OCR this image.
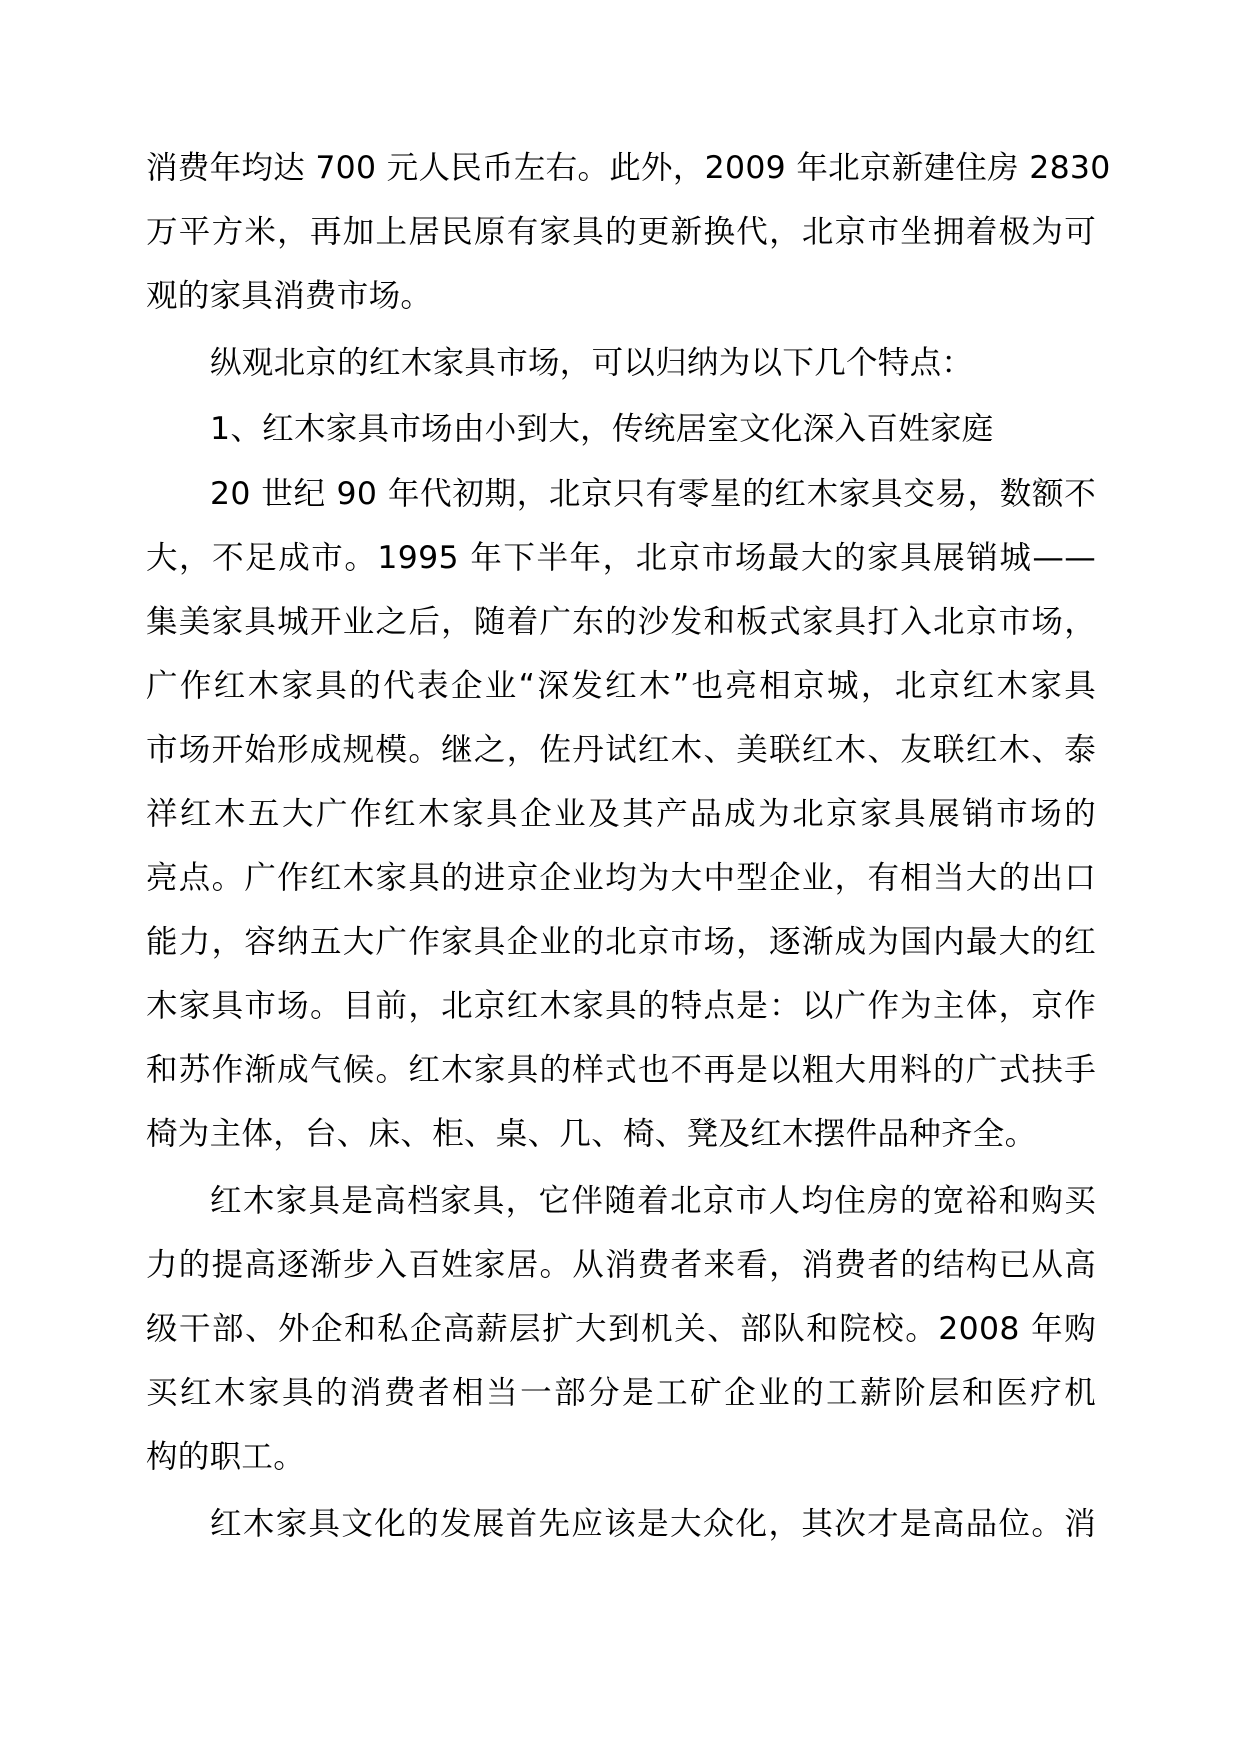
消费年均达 700 元人民币左右。此外，2009 年北京新建住房 2830
万平方米，再加上居民原有家具的更新换代，北京市坐拥着极为可
观的家具消费市场。
纵观北京的红木家具市场，可以归纳为以下几个特点：
1、红木家具市场由小到大，传统居室文化深入百姓家庭
20 世纪 90 年代初期，北京只有零星的红木家具交易，数额不
大，不足成市。1995 年下半年，北京市场最大的家具展销城——
集美家具城开业之后，随着广东的沙发和板式家具打入北京市场，
广作红木家具的代表企业“深发红木”也亮相京城，北京红木家具
市场开始形成规模。继之，佐丹试红木、美联红木、友联红木、泰
祥红木五大广作红木家具企业及其产品成为北京家具展销市场的
亮点。广作红木家具的进京企业均为大中型企业，有相当大的出口
能力，容纳五大广作家具企业的北京市场，逐渐成为国内最大的红
木家具市场。目前，北京红木家具的特点是：以广作为主体，京作
和苏作渐成气候。红木家具的样式也不再是以粗大用料的广式扶手
椅为主体，台、床、柜、桌、几、椅、凳及红木摆件品种齐全。
红木家具是高档家具，它伴随着北京市人均住房的宽裕和购买
力的提高逐渐步入百姓家居。从消费者来看，消费者的结构已从高
级干部、外企和私企高薪层扩大到机关、部队和院校。2008 年购
买红木家具的消费者相当一部分是工矿企业的工薪阶层和医疗机
构的职工。
红木家具文化的发展首先应该是大众化，其次才是高品位。消
